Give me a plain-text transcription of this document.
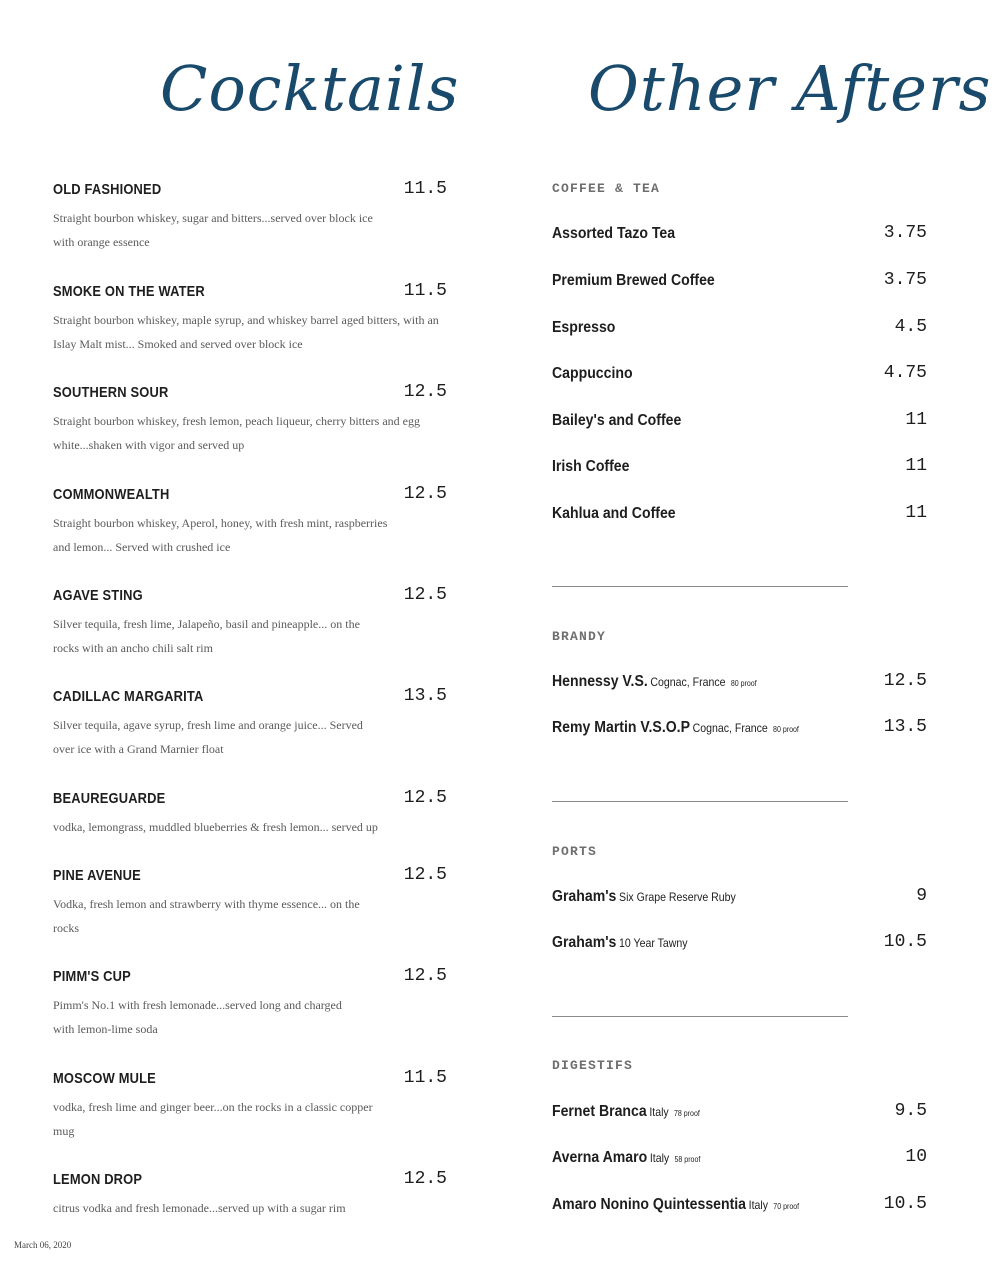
Cocktails Other Afters
OLD FASHIONED	11.5
Straight bourbon whiskey, sugar and bitters...served over block ice with orange essence
SMOKE ON THE WATER	11.5
Straight bourbon whiskey, maple syrup, and whiskey barrel aged bitters, with an Islay Malt mist... Smoked and served over block ice
SOUTHERN SOUR	12.5
Straight bourbon whiskey, fresh lemon, peach liqueur, cherry bitters and egg white...shaken with vigor and served up
COMMONWEALTH	12.5
Straight bourbon whiskey, Aperol, honey, with fresh mint, raspberries and lemon... Served with crushed ice
AGAVE STING	12.5
Silver tequila, fresh lime, Jalapeño, basil and pineapple... on the rocks with an ancho chili salt rim
CADILLAC MARGARITA	13.5
Silver tequila, agave syrup, fresh lime and orange juice... Served over ice with a Grand Marnier float
BEAUREGUARDE	12.5
vodka, lemongrass, muddled blueberries & fresh lemon... served up
PINE AVENUE	12.5
Vodka, fresh lemon and strawberry with thyme essence... on the rocks
PIMM'S CUP	12.5
Pimm's No.1 with fresh lemonade...served long and charged with lemon-lime soda
MOSCOW MULE	11.5
vodka, fresh lime and ginger beer...on the rocks in a classic copper mug
LEMON DROP	12.5
citrus vodka and fresh lemonade...served up with a sugar rim
COFFEE & TEA
Assorted Tazo Tea	3.75
Premium Brewed Coffee	3.75
Espresso	4.5
Cappuccino	4.75
Bailey's and Coffee	11
Irish Coffee	11
Kahlua and Coffee	11
BRANDY
Hennessy V.S. Cognac, France 80 proof	12.5
Remy Martin V.S.O.P Cognac, France 80 proof	13.5
PORTS
Graham's Six Grape Reserve Ruby	9
Graham's 10 Year Tawny	10.5
DIGESTIFS
Fernet Branca Italy 78 proof	9.5
Averna Amaro Italy 58 proof	10
Amaro Nonino Quintessentia Italy 70 proof	10.5
March 06, 2020
